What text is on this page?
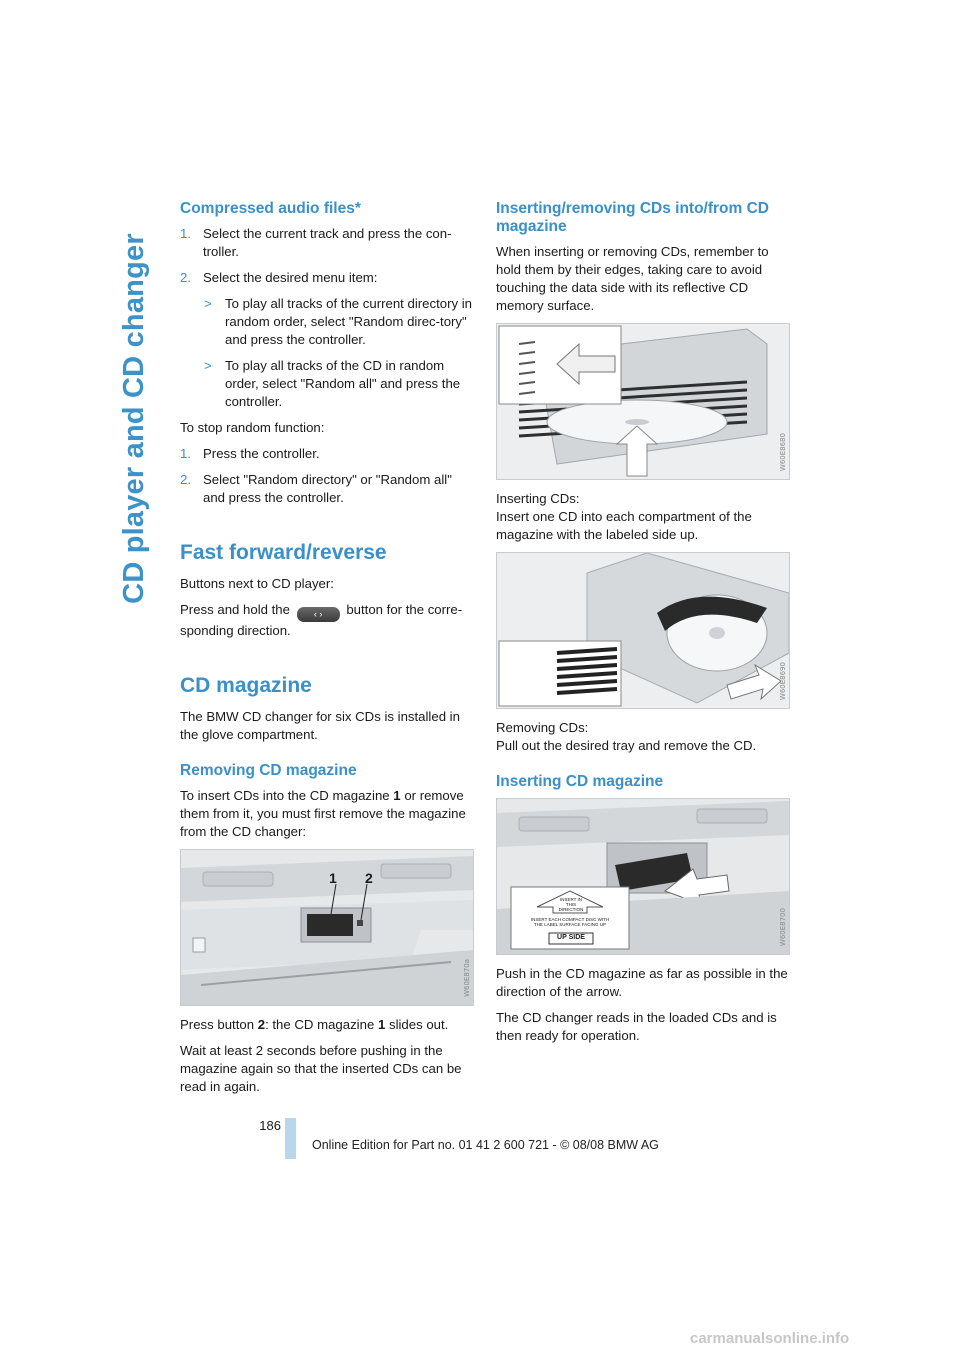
CD player and CD changer
Compressed audio files*
1. Select the current track and press the con-troller.
2. Select the desired menu item:
> To play all tracks of the current directory in random order, select "Random direc-tory" and press the controller.
> To play all tracks of the CD in random order, select "Random all" and press the controller.
To stop random function:
1. Press the controller.
2. Select "Random directory" or "Random all" and press the controller.
Fast forward/reverse
Buttons next to CD player:
Press and hold the	‹ › button for the corre-sponding direction.
CD magazine
The BMW CD changer for six CDs is installed in the glove compartment.
Removing CD magazine
To insert CDs into the CD magazine 1 or remove them from it, you must first remove the magazine from the CD changer:
1 2
W60E870a
Press button 2: the CD magazine 1 slides out.
Wait at least 2 seconds before pushing in the magazine again so that the inserted CDs can be read in again.
Inserting/removing CDs into/from CD magazine
When inserting or removing CDs, remember to hold them by their edges, taking care to avoid touching the data side with its reflective CD memory surface.
W60E8680
Inserting CDs:
Insert one CD into each compartment of the magazine with the labeled side up.
W60E8690
Removing CDs:
Pull out the desired tray and remove the CD.
Inserting CD magazine
INSERT IN
THIS DIRECTION
INSERT EACH COMPACT DISC WITH
THE LABEL SURFACE FACING UP
UP SIDE	W60E8700
Push in the CD magazine as far as possible in the direction of the arrow.
The CD changer reads in the loaded CDs and is then ready for operation.
186
Online Edition for Part no. 01 41 2 600 721 - © 08/08 BMW AG
carmanualsonline.info
